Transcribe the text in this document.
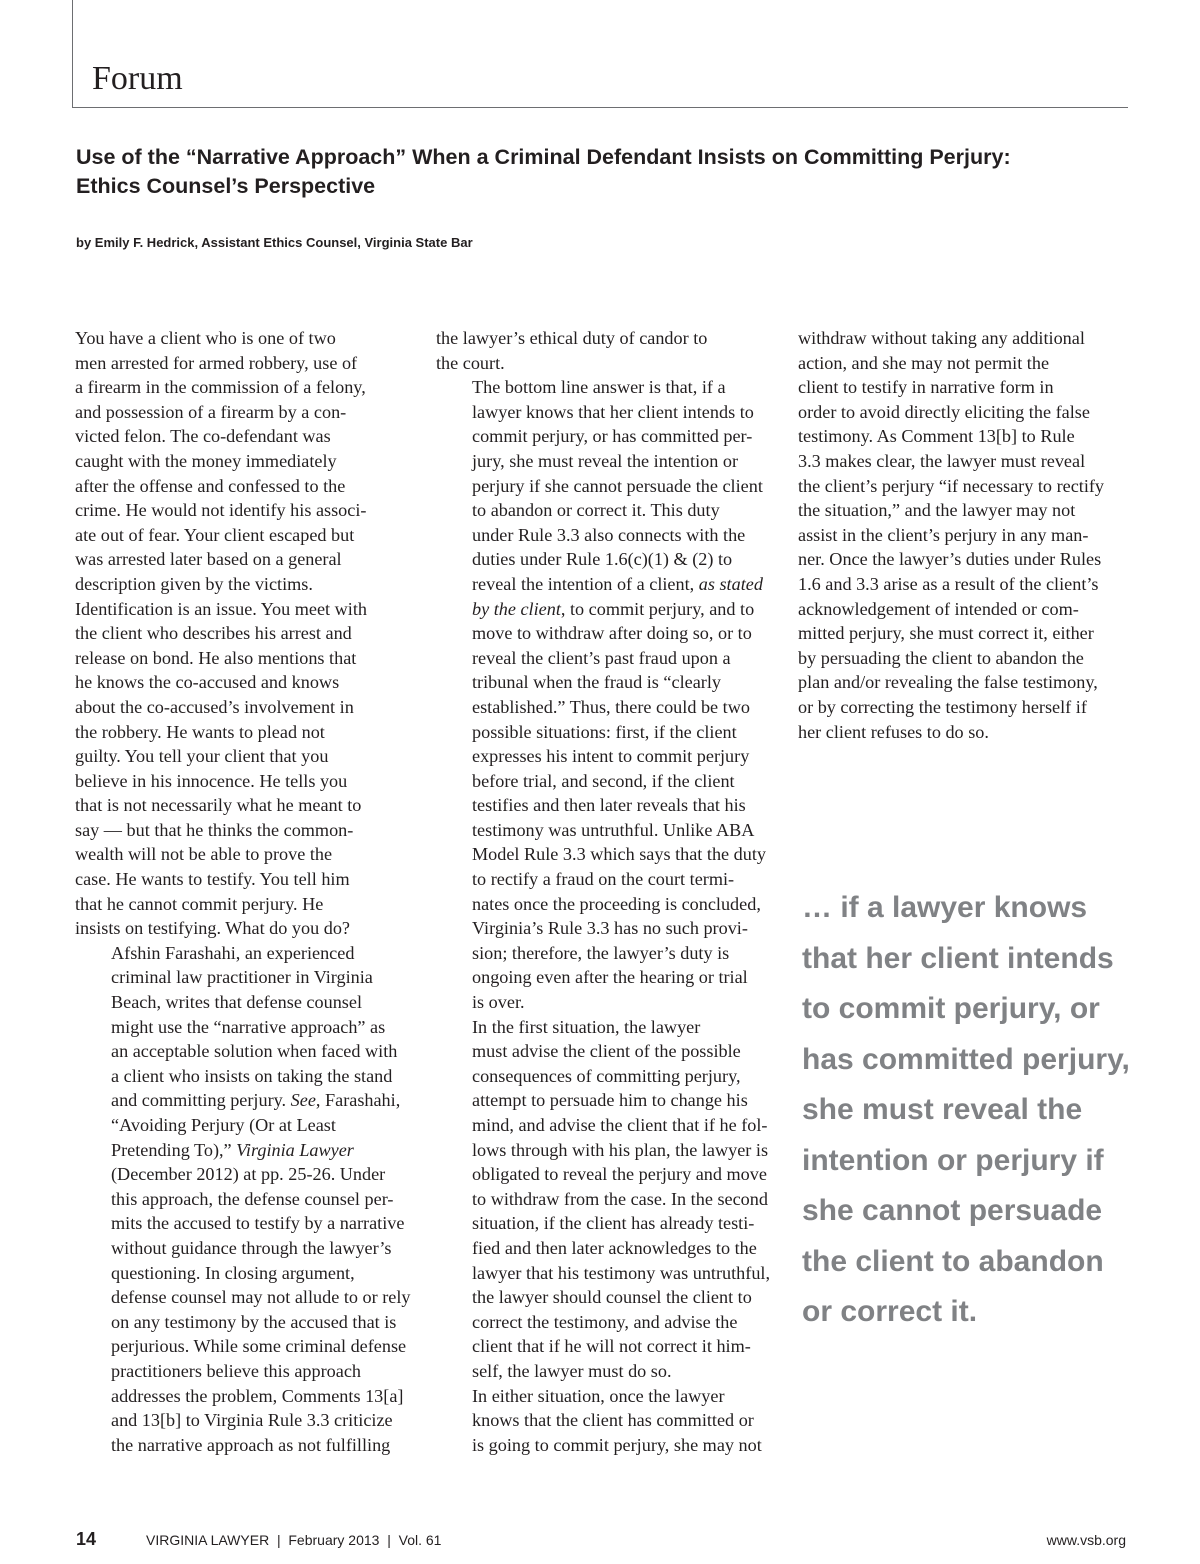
Forum
Use of the “Narrative Approach” When a Criminal Defendant Insists on Committing Perjury:
Ethics Counsel’s Perspective
by Emily F. Hedrick, Assistant Ethics Counsel, Virginia State Bar

You have a client who is one of two
men arrested for armed robbery, use of
a firearm in the commission of a felony,
and possession of a firearm by a con-
victed felon. The co-defendant was
caught with the money immediately
after the offense and confessed to the
crime. He would not identify his associ-
ate out of fear. Your client escaped but
was arrested later based on a general
description given by the victims.
Identification is an issue. You meet with
the client who describes his arrest and
release on bond. He also mentions that
he knows the co-accused and knows
about the co-accused’s involvement in
the robbery. He wants to plead not
guilty. You tell your client that you
believe in his innocence. He tells you
that is not necessarily what he meant to
say — but that he thinks the common-
wealth will not be able to prove the
case. He wants to testify. You tell him
that he cannot commit perjury. He
insists on testifying. What do you do?

Afshin Farashahi, an experienced
criminal law practitioner in Virginia
Beach, writes that defense counsel
might use the “narrative approach” as
an acceptable solution when faced with
a client who insists on taking the stand
and committing perjury. See, Farashahi,
“Avoiding Perjury (Or at Least
Pretending To),” Virginia Lawyer
(December 2012) at pp. 25-26. Under
this approach, the defense counsel per-
mits the accused to testify by a narrative
without guidance through the lawyer’s
questioning. In closing argument,
defense counsel may not allude to or rely
on any testimony by the accused that is
perjurious. While some criminal defense
practitioners believe this approach
addresses the problem, Comments 13[a]
and 13[b] to Virginia Rule 3.3 criticize
the narrative approach as not fulfilling

the lawyer’s ethical duty of candor to
the court.

The bottom line answer is that, if a
lawyer knows that her client intends to
commit perjury, or has committed per-
jury, she must reveal the intention or
perjury if she cannot persuade the client
to abandon or correct it. This duty
under Rule 3.3 also connects with the
duties under Rule 1.6(c)(1) & (2) to
reveal the intention of a client, as stated
by the client, to commit perjury, and to
move to withdraw after doing so, or to
reveal the client’s past fraud upon a
tribunal when the fraud is “clearly
established.” Thus, there could be two
possible situations: first, if the client
expresses his intent to commit perjury
before trial, and second, if the client
testifies and then later reveals that his
testimony was untruthful. Unlike ABA
Model Rule 3.3 which says that the duty
to rectify a fraud on the court termi-
nates once the proceeding is concluded,
Virginia’s Rule 3.3 has no such provi-
sion; therefore, the lawyer’s duty is
ongoing even after the hearing or trial
is over.

In the first situation, the lawyer
must advise the client of the possible
consequences of committing perjury,
attempt to persuade him to change his
mind, and advise the client that if he fol-
lows through with his plan, the lawyer is
obligated to reveal the perjury and move
to withdraw from the case. In the second
situation, if the client has already testi-
fied and then later acknowledges to the
lawyer that his testimony was untruthful,
the lawyer should counsel the client to
correct the testimony, and advise the
client that if he will not correct it him-
self, the lawyer must do so.

In either situation, once the lawyer
knows that the client has committed or
is going to commit perjury, she may not

withdraw without taking any additional
action, and she may not permit the
client to testify in narrative form in
order to avoid directly eliciting the false
testimony. As Comment 13[b] to Rule
3.3 makes clear, the lawyer must reveal
the client’s perjury “if necessary to rectify
the situation,” and the lawyer may not
assist in the client’s perjury in any man-
ner. Once the lawyer’s duties under Rules
1.6 and 3.3 arise as a result of the client’s
acknowledgement of intended or com-
mitted perjury, she must correct it, either
by persuading the client to abandon the
plan and/or revealing the false testimony,
or by correcting the testimony herself if
her client refuses to do so.

… if a lawyer knows
that her client intends
to commit perjury, or
has committed perjury,
she must reveal the
intention or perjury if
she cannot persuade
the client to abandon
or correct it.
14	VIRGINIA LAWYER  |  February 2013  |  Vol. 61	www.vsb.org
